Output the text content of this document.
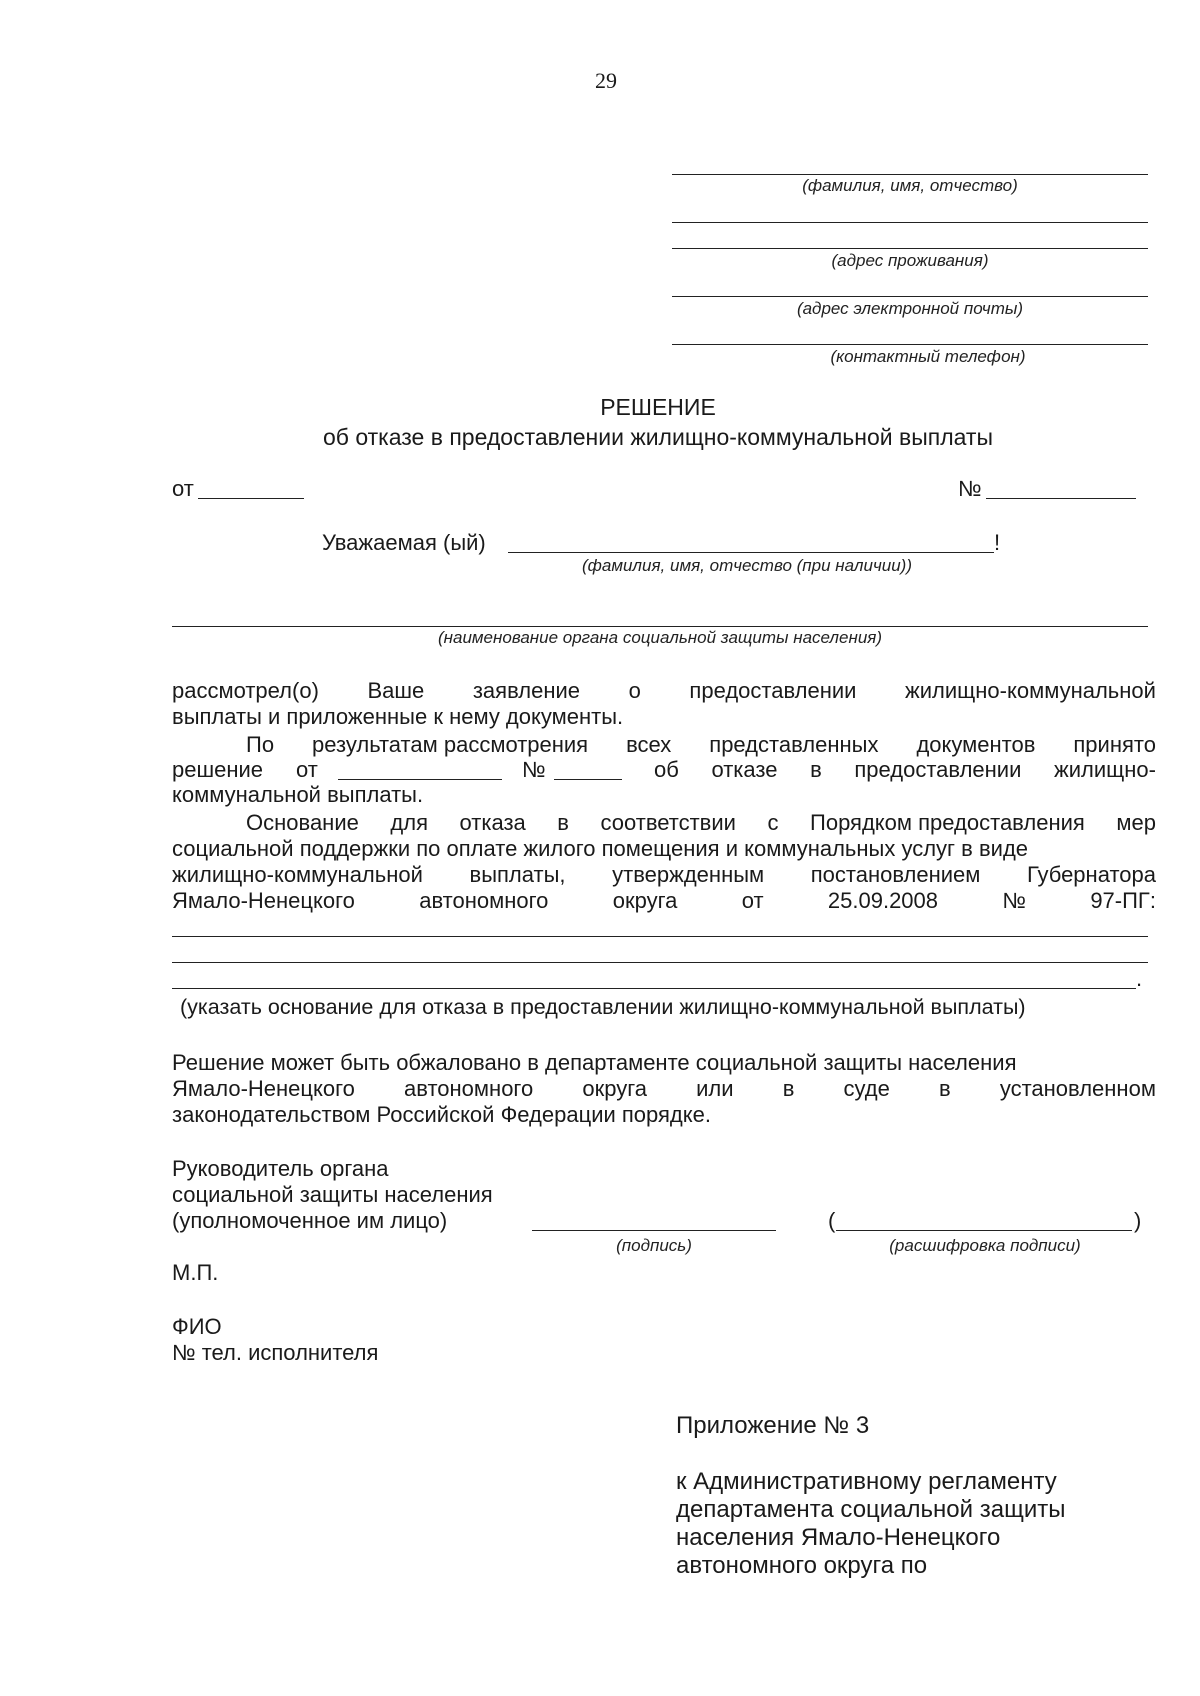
29
(фамилия, имя, отчество)
(адрес проживания)
(адрес электронной почты)
(контактный телефон)
РЕШЕНИЕ
об отказе в предоставлении жилищно-коммунальной выплаты
от	№
Уважаемая (ый)	!
(фамилия, имя, отчество (при наличии))
(наименование органа социальной защиты населения)
рассмотрел(о) Ваше заявление о предоставлении жилищно-коммунальной
выплаты и приложенные к нему документы.
По результатам рассмотрения всех представленных документов принято
решение от	№	об отказе в предоставлении жилищно-
коммунальной выплаты.
Основание для отказа в соответствии с Порядком предоставления мер
социальной поддержки по оплате жилого помещения и коммунальных услуг в виде
жилищно-коммунальной выплаты, утвержденным постановлением Губернатора
Ямало-Ненецкого	автономного	округа	от	25.09.2008	№	97-ПГ:
.
(указать основание для отказа в предоставлении жилищно-коммунальной выплаты)
Решение может быть обжаловано в департаменте социальной защиты населения
Ямало-Ненецкого автономного округа или в суде в установленном
законодательством Российской Федерации порядке.
Руководитель органа
социальной защиты населения
(уполномоченное им лицо)
(подпись)
(	)
(расшифровка подписи)
М.П.
ФИО
№ тел. исполнителя
Приложение № 3
к Административному регламенту
департамента социальной защиты
населения Ямало-Ненецкого
автономного округа по
